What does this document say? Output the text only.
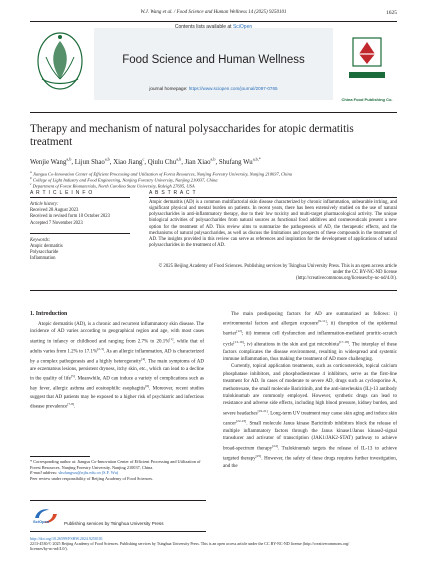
W.J. Wang et al. / Food Science and Human Wellness 14 (2025) 9250101	1625
Contents lists available at SciOpen
Food Science and Human Wellness
journal homepage: https://www.sciopen.com/journal/2097-0765
China Food Publishing Co.
Therapy and mechanism of natural polysaccharides for atopic dermatitis treatment
Wenjie Wang$^{a,b}$, Lijun Shao$^{a,b}$, Xiao Jiang$^c$, Qiulu Chu$^{a,b}$, Jian Xiao$^{a,b}$, Shufang $Wu^{a,b,*}$
$^a$ Jiangsu Co-Innovation Center of Efficient Processing and Utilization of Forest Resources, Nanjing Forestry University, Nanjing 210037, China
$^b$ College of Light Industry and Food Engineering, Nanjing Forestry University, Nanjing 210037, China
$^c$ Department of Forest Biomaterials, North Carolina State University, Raleigh 27695, USA
A R T I C L E I N F O	A B S T R A C T
Article history:
Received 28 August 2023
Received in revised form 10 October 2023
Accepted 7 November 2023
Keywords:
Atopic dermatitis
Polysaccharide
Inflammation
Atopic dermatitis (AD) is a common multifactorial skin disease characterized by chronic inflammation, unbearable itching, and significant physical and mental burden on patients. In recent years, there has been extensively studied on the use of natural polysaccharides in anti-inflammatory therapy, due to their low toxicity and multi-target pharmacological activity. The unique biological activities of polysaccharides from natural sources as functional food additives and cosmeceuticals present a new option for the treatment of AD. This review aims to summarize the pathogenesis of AD, the therapeutic effects, and the mechanisms of natural polysaccharides, as well as discuss the limitations and prospects of these compounds in the treatment of AD. The insights provided in this review can serve as references and inspiration for the development of applications of natural polysaccharides in the treatment of AD.
© 2025 Beijing Academy of Food Sciences. Publishing services by Tsinghua University Press. This is an open access article under the CC BY-NC-ND license
(http://creativecommons.org/licenses/by-nc-nd/4.0/).
1. Introduction
Atopic dermatitis (AD), is a chronic and recurrent inflammatory skin disease. The incidence of AD varies according to geographical region and age, with most cases starting in infancy or childhood and ranging from 2.7% to 20.1%[1], while that of adults varies from 1.2% to 17.1%[2-3]. As an allergic inflammation, AD is characterized by a complex pathogenesis and a highly heterogeneity[4]. The main symptoms of AD are eczematous lesions, persistent dryness, itchy skin, etc., which can lead to a decline in the quality of life[5]. Meanwhile, AD can induce a variety of complications such as hay fever, allergic asthma and eosinophilic esophagitis[6]. Moreover, recent studies suggest that AD patients may be exposed to a higher risk of psychiatric and infectious disease prevalence[7-8].
The main predisposing factors for AD are summarized as follows: i) environmental factors and allergen exposure[9-11]; ii) disruption of the epidermal barrier[12]; iii) immune cell dysfunction and inflammation-mediated pruritic-scratch cycle[13-16]; iv) alterations in the skin and gut microbiota[17-18]. The interplay of these factors complicates the disease environment, resulting in widespread and systemic immune inflammation, thus making the treatment of AD more challenging.
Currently, topical application treatments, such as corticosteroids, topical calcium phosphatase inhibitors, and phosphodiesterase 4 inhibitors, serve as the first-line treatment for AD. In cases of moderate to severe AD, drugs such as cyclosporine A, methotrexate, the small molecule Baricitinib, and the anti-interleukin (IL)-13 antibody tralokinumab are commonly employed. However, synthetic drugs can lead to resistance and adverse side effects, including high blood pressure, kidney burden, and severe headaches[19-21]. Long-term UV treatment may cause skin aging and induce skin cancer[22-23]. Small molecule Janus kinase Baricitinib inhibitors block the release of multiple inflammatory factors through the Janus kinase1/Janus kinase2-signal transducer and activator of transcription (JAK1/JAK2-STAT) pathway to achieve broad-spectrum therapy[24]. Tralokinumab targets the release of IL-13 to achieve targeted therapy[25]. However, the safety of these drugs requires further investigation, and the
* Corresponding author at: Jiangsu Co-Innovation Center of Efficient Processing and Utilization of Forest Resources, Nanjing Forestry University, Nanjing 210037, China.
E-mail address: shufangwu@njfu.edu.cn (S.F. Wu)
Peer review under responsibility of Beijing Academy of Food Sciences.
SciOpen	Publishing services by Tsinghua University Press
http://doi.org/10.26599/FSHW.2024.9250101
2213-4530/© 2025 Beijing Academy of Food Sciences. Publishing services by Tsinghua University Press. This is an open access article under the CC BY-NC-ND license (http://creativecommons.org/
licenses/by-nc-nd/4.0/).
